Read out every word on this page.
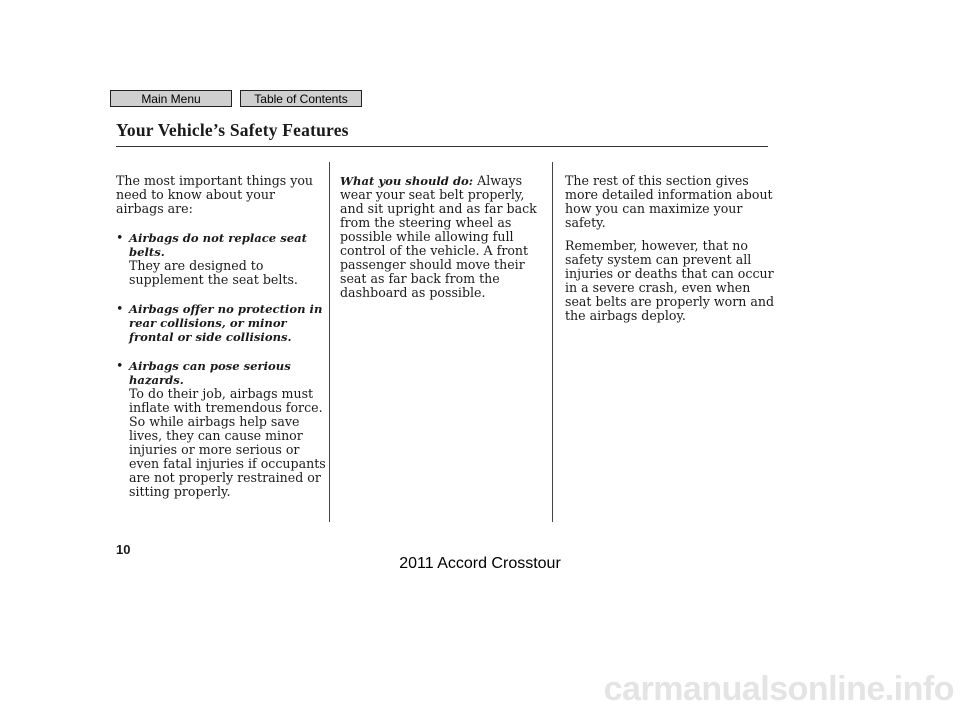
Main Menu	Table of Contents
Your Vehicle’s Safety Features

The most important things you need to know about your airbags are:

• Airbags do not replace seat belts.
They are designed to supplement the seat belts.
• Airbags offer no protection in rear collisions, or minor frontal or side collisions.
• Airbags can pose serious hazards.
To do their job, airbags must inflate with tremendous force. So while airbags help save lives, they can cause minor injuries or more serious or even fatal injuries if occupants are not properly restrained or sitting properly.

What you should do: Always wear your seat belt properly, and sit upright and as far back from the steering wheel as possible while allowing full control of the vehicle. A front passenger should move their seat as far back from the dashboard as possible.

The rest of this section gives more detailed information about how you can maximize your safety.

Remember, however, that no safety system can prevent all injuries or deaths that can occur in a severe crash, even when seat belts are properly worn and the airbags deploy.

10
2011 Accord Crosstour
carmanualsonline.info
